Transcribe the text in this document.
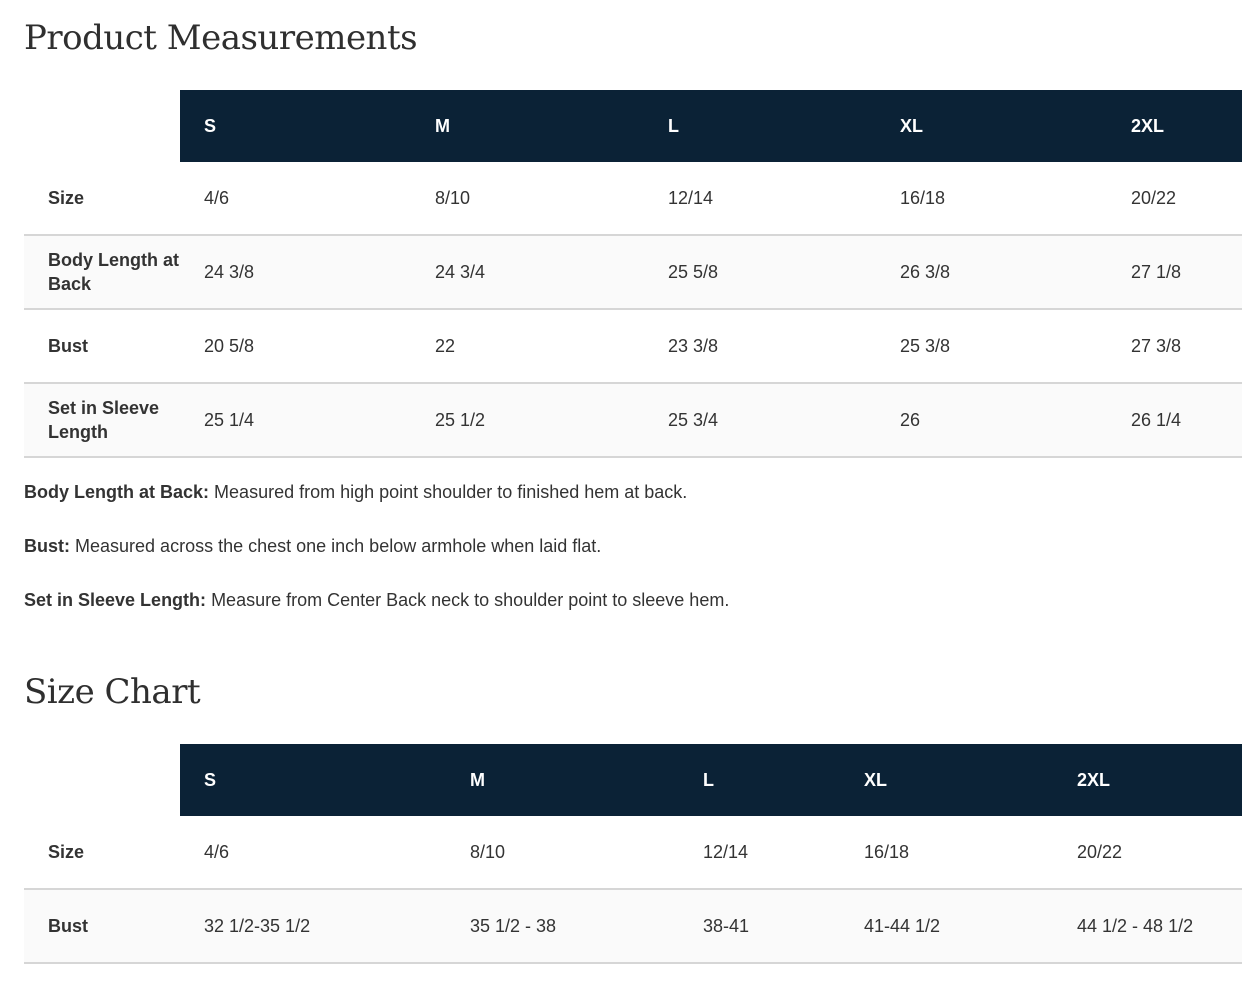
Product Measurements
	S	M	L	XL	2XL
Size	4/6	8/10	12/14	16/18	20/22
Body Length at Back	24 3/8	24 3/4	25 5/8	26 3/8	27 1/8
Bust	20 5/8	22	23 3/8	25 3/8	27 3/8
Set in Sleeve Length	25 1/4	25 1/2	25 3/4	26	26 1/4

Body Length at Back: Measured from high point shoulder to finished hem at back.

Bust: Measured across the chest one inch below armhole when laid flat.

Set in Sleeve Length: Measure from Center Back neck to shoulder point to sleeve hem.

Size Chart
	S	M	L	XL	2XL
Size	4/6	8/10	12/14	16/18	20/22
Bust	32 1/2-35 1/2	35 1/2 - 38	38-41	41-44 1/2	44 1/2 - 48 1/2
